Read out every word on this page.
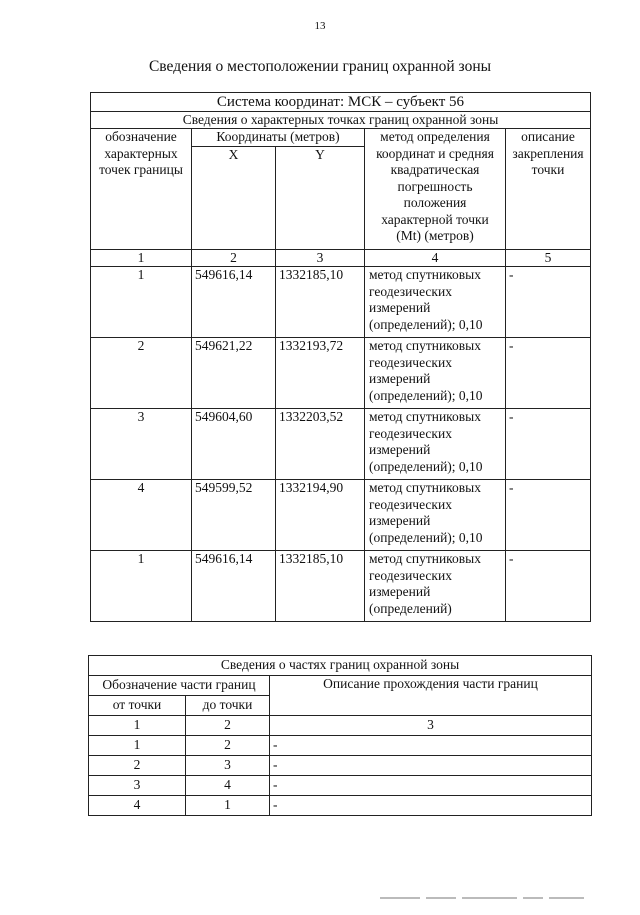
13
Сведения о местоположении границ охранной зоны
Система координат: МСК – субъект 56				
Сведения о характерных точках границ охранной зоны				
обозначение характерных точек границы	Координаты (метров)		метод определения координат и средняя квадратическая погрешность положения характерной точки (Mt) (метров)	описание закрепления точки
	X	Y		
1	2	3	4	5
1	549616,14	1332185,10	метод спутниковых геодезических измерений (определений); 0,10	-
2	549621,22	1332193,72	метод спутниковых геодезических измерений (определений); 0,10	-
3	549604,60	1332203,52	метод спутниковых геодезических измерений (определений); 0,10	-
4	549599,52	1332194,90	метод спутниковых геодезических измерений (определений); 0,10	-
1	549616,14	1332185,10	метод спутниковых геодезических измерений (определений)	-
Сведения о частях границ охранной зоны		
Обозначение части границ		Описание прохождения части границ
от точки	до точки	
1	2	3
1	2	-
2	3	-
3	4	-
4	1	-
